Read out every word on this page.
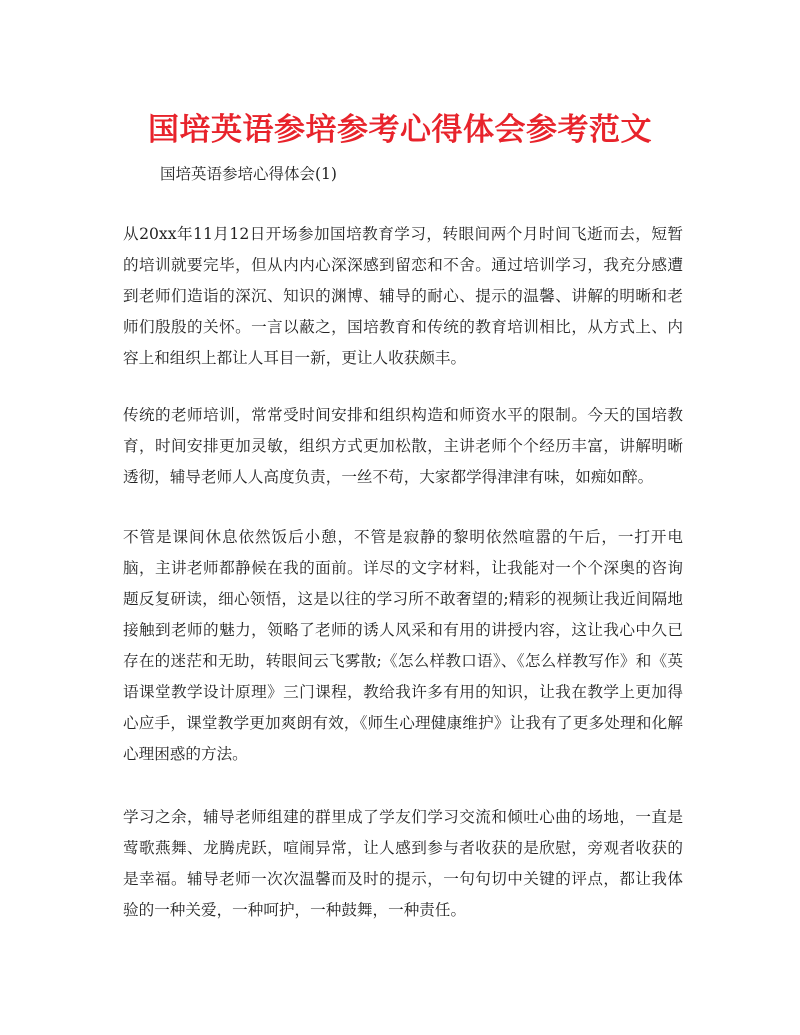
国培英语参培参考心得体会参考范文
国培英语参培心得体会(1)

从20xx年11月12日开场参加国培教育学习，转眼间两个月时间飞逝而去，短暂的培训就要完毕，但从内内心深深感到留恋和不舍。通过培训学习，我充分感遭到老师们造诣的深沉、知识的渊博、辅导的耐心、提示的温馨、讲解的明晰和老师们殷殷的关怀。一言以蔽之，国培教育和传统的教育培训相比，从方式上、内容上和组织上都让人耳目一新，更让人收获颇丰。

传统的老师培训，常常受时间安排和组织构造和师资水平的限制。今天的国培教育，时间安排更加灵敏，组织方式更加松散，主讲老师个个经历丰富，讲解明晰透彻，辅导老师人人高度负责，一丝不苟，大家都学得津津有味，如痴如醉。

不管是课间休息依然饭后小憩，不管是寂静的黎明依然喧嚣的午后，一打开电脑，主讲老师都静候在我的面前。详尽的文字材料，让我能对一个个深奥的咨询题反复研读，细心领悟，这是以往的学习所不敢奢望的;精彩的视频让我近间隔地接触到老师的魅力，领略了老师的诱人风采和有用的讲授内容，这让我心中久已存在的迷茫和无助，转眼间云飞雾散;《怎么样教口语》、《怎么样教写作》和《英语课堂教学设计原理》三门课程，教给我许多有用的知识，让我在教学上更加得心应手，课堂教学更加爽朗有效，《师生心理健康维护》让我有了更多处理和化解心理困惑的方法。

学习之余，辅导老师组建的群里成了学友们学习交流和倾吐心曲的场地，一直是莺歌燕舞、龙腾虎跃，喧闹异常，让人感到参与者收获的是欣慰，旁观者收获的是幸福。辅导老师一次次温馨而及时的提示，一句句切中关键的评点，都让我体验的一种关爱，一种呵护，一种鼓舞，一种责任。
